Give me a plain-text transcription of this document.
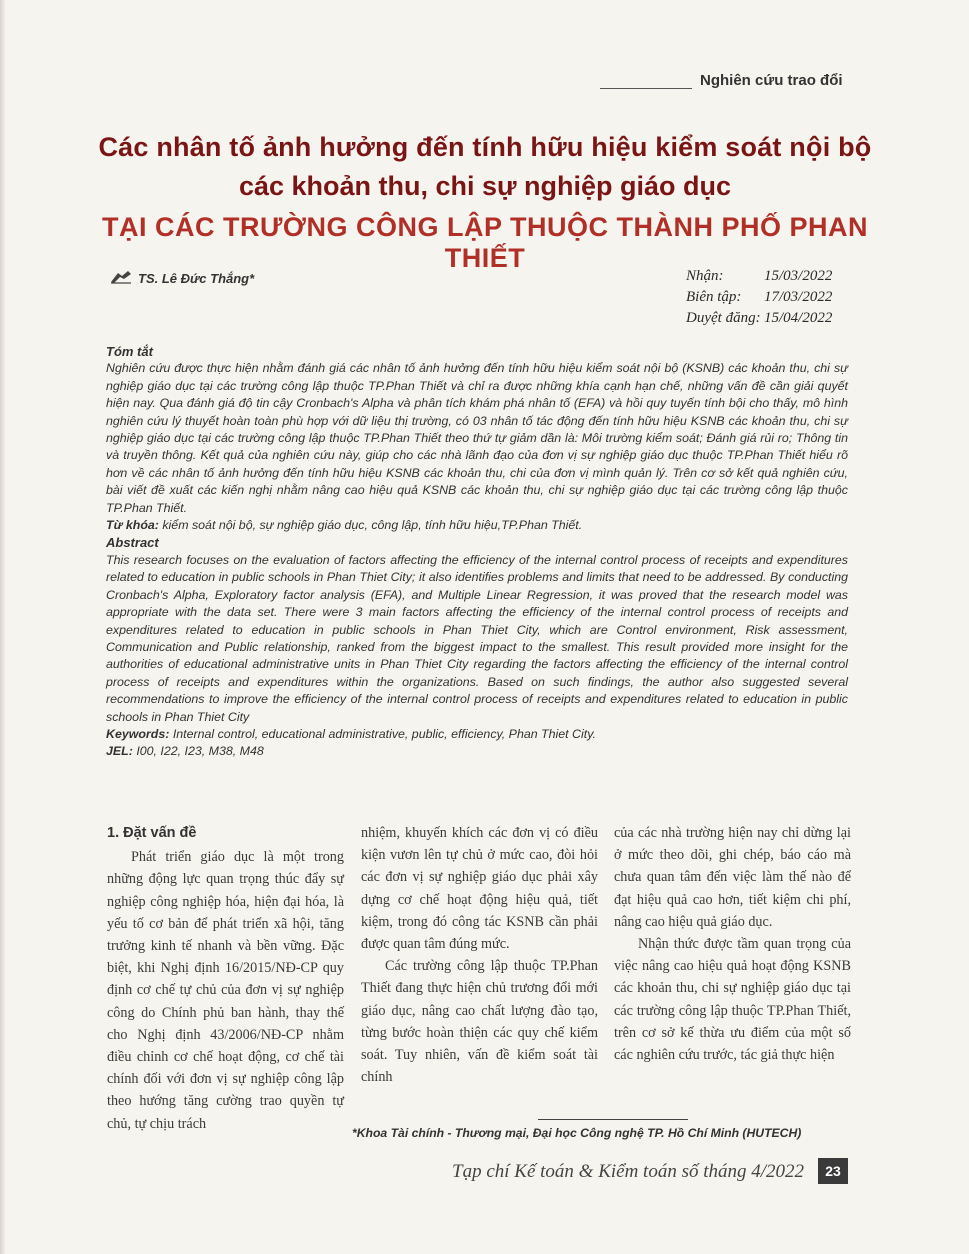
Nghiên cứu trao đổi
Các nhân tố ảnh hưởng đến tính hữu hiệu kiểm soát nội bộ
các khoản thu, chi sự nghiệp giáo dục
TẠI CÁC TRƯỜNG CÔNG LẬP THUỘC THÀNH PHỐ PHAN THIẾT
TS. Lê Đức Thắng*	Nhận:	15/03/2022
Biên tập:	17/03/2022
Duyệt đăng: 15/04/2022

Tóm tắt

Nghiên cứu được thực hiện nhằm đánh giá các nhân tố ảnh hưởng đến tính hữu hiệu kiểm soát nội bộ (KSNB) các khoản thu, chi sự nghiệp giáo dục tại các trường công lập thuộc TP.Phan Thiết và chỉ ra được những khía cạnh hạn chế, những vấn đề cần giải quyết hiện nay. Qua đánh giá độ tin cậy Cronbach's Alpha và phân tích khám phá nhân tố (EFA) và hồi quy tuyến tính bội cho thấy, mô hình nghiên cứu lý thuyết hoàn toàn phù hợp với dữ liệu thị trường, có 03 nhân tố tác động đến tính hữu hiệu KSNB các khoản thu, chi sự nghiệp giáo dục tại các trường công lập thuộc TP.Phan Thiết theo thứ tự giảm dần là: Môi trường kiểm soát; Đánh giá rủi ro; Thông tin và truyền thông. Kết quả của nghiên cứu này, giúp cho các nhà lãnh đạo của đơn vị sự nghiệp giáo dục thuộc TP.Phan Thiết hiểu rõ hơn về các nhân tố ảnh hưởng đến tính hữu hiệu KSNB các khoản thu, chi của đơn vị mình quản lý. Trên cơ sở kết quả nghiên cứu, bài viết đề xuất các kiến nghị nhằm nâng cao hiệu quả KSNB các khoản thu, chi sự nghiệp giáo dục tại các trường công lập thuộc TP.Phan Thiết.

Từ khóa: kiểm soát nội bộ, sự nghiệp giáo dục, công lập, tính hữu hiệu,TP.Phan Thiết.

Abstract

This research focuses on the evaluation of factors affecting the efficiency of the internal control process of receipts and expenditures related to education in public schools in Phan Thiet City; it also identifies problems and limits that need to be addressed. By conducting Cronbach's Alpha, Exploratory factor analysis (EFA), and Multiple Linear Regression, it was proved that the research model was appropriate with the data set. There were 3 main factors affecting the efficiency of the internal control process of receipts and expenditures related to education in public schools in Phan Thiet City, which are Control environment, Risk assessment, Communication and Public relationship, ranked from the biggest impact to the smallest. This result provided more insight for the authorities of educational administrative units in Phan Thiet City regarding the factors affecting the efficiency of the internal control process of receipts and expenditures within the organizations. Based on such findings, the author also suggested several recommendations to improve the efficiency of the internal control process of receipts and expenditures related to education in public schools in Phan Thiet City

Keywords: Internal control, educational administrative, public, efficiency, Phan Thiet City.

JEL: I00, I22, I23, M38, M48

1. Đặt vấn đề

Phát triển giáo dục là một trong những động lực quan trọng thúc đẩy sự nghiệp công nghiệp hóa, hiện đại hóa, là yếu tố cơ bản để phát triển xã hội, tăng trưởng kinh tế nhanh và bền vững. Đặc biệt, khi Nghị định 16/2015/NĐ-CP quy định cơ chế tự chủ của đơn vị sự nghiệp công do Chính phủ ban hành, thay thế cho Nghị định 43/2006/NĐ-CP nhằm điều chỉnh cơ chế hoạt động, cơ chế tài chính đối với đơn vị sự nghiệp công lập theo hướng tăng cường trao quyền tự chủ, tự chịu trách

nhiệm, khuyến khích các đơn vị có điều kiện vươn lên tự chủ ở mức cao, đòi hỏi các đơn vị sự nghiệp giáo dục phải xây dựng cơ chế hoạt động hiệu quả, tiết kiệm, trong đó công tác KSNB cần phải được quan tâm đúng mức.

Các trường công lập thuộc TP.Phan Thiết đang thực hiện chủ trương đổi mới giáo dục, nâng cao chất lượng đào tạo, từng bước hoàn thiện các quy chế kiểm soát. Tuy nhiên, vấn đề kiểm soát tài chính

của các nhà trường hiện nay chỉ dừng lại ở mức theo dõi, ghi chép, báo cáo mà chưa quan tâm đến việc làm thế nào để đạt hiệu quả cao hơn, tiết kiệm chi phí, nâng cao hiệu quả giáo dục.

Nhận thức được tầm quan trọng của việc nâng cao hiệu quả hoạt động KSNB các khoản thu, chi sự nghiệp giáo dục tại các trường công lập thuộc TP.Phan Thiết, trên cơ sở kế thừa ưu điểm của một số các nghiên cứu trước, tác giả thực hiện

*Khoa Tài chính - Thương mại, Đại học Công nghệ TP. Hồ Chí Minh (HUTECH)
Tạp chí Kế toán & Kiểm toán số tháng 4/2022	23
